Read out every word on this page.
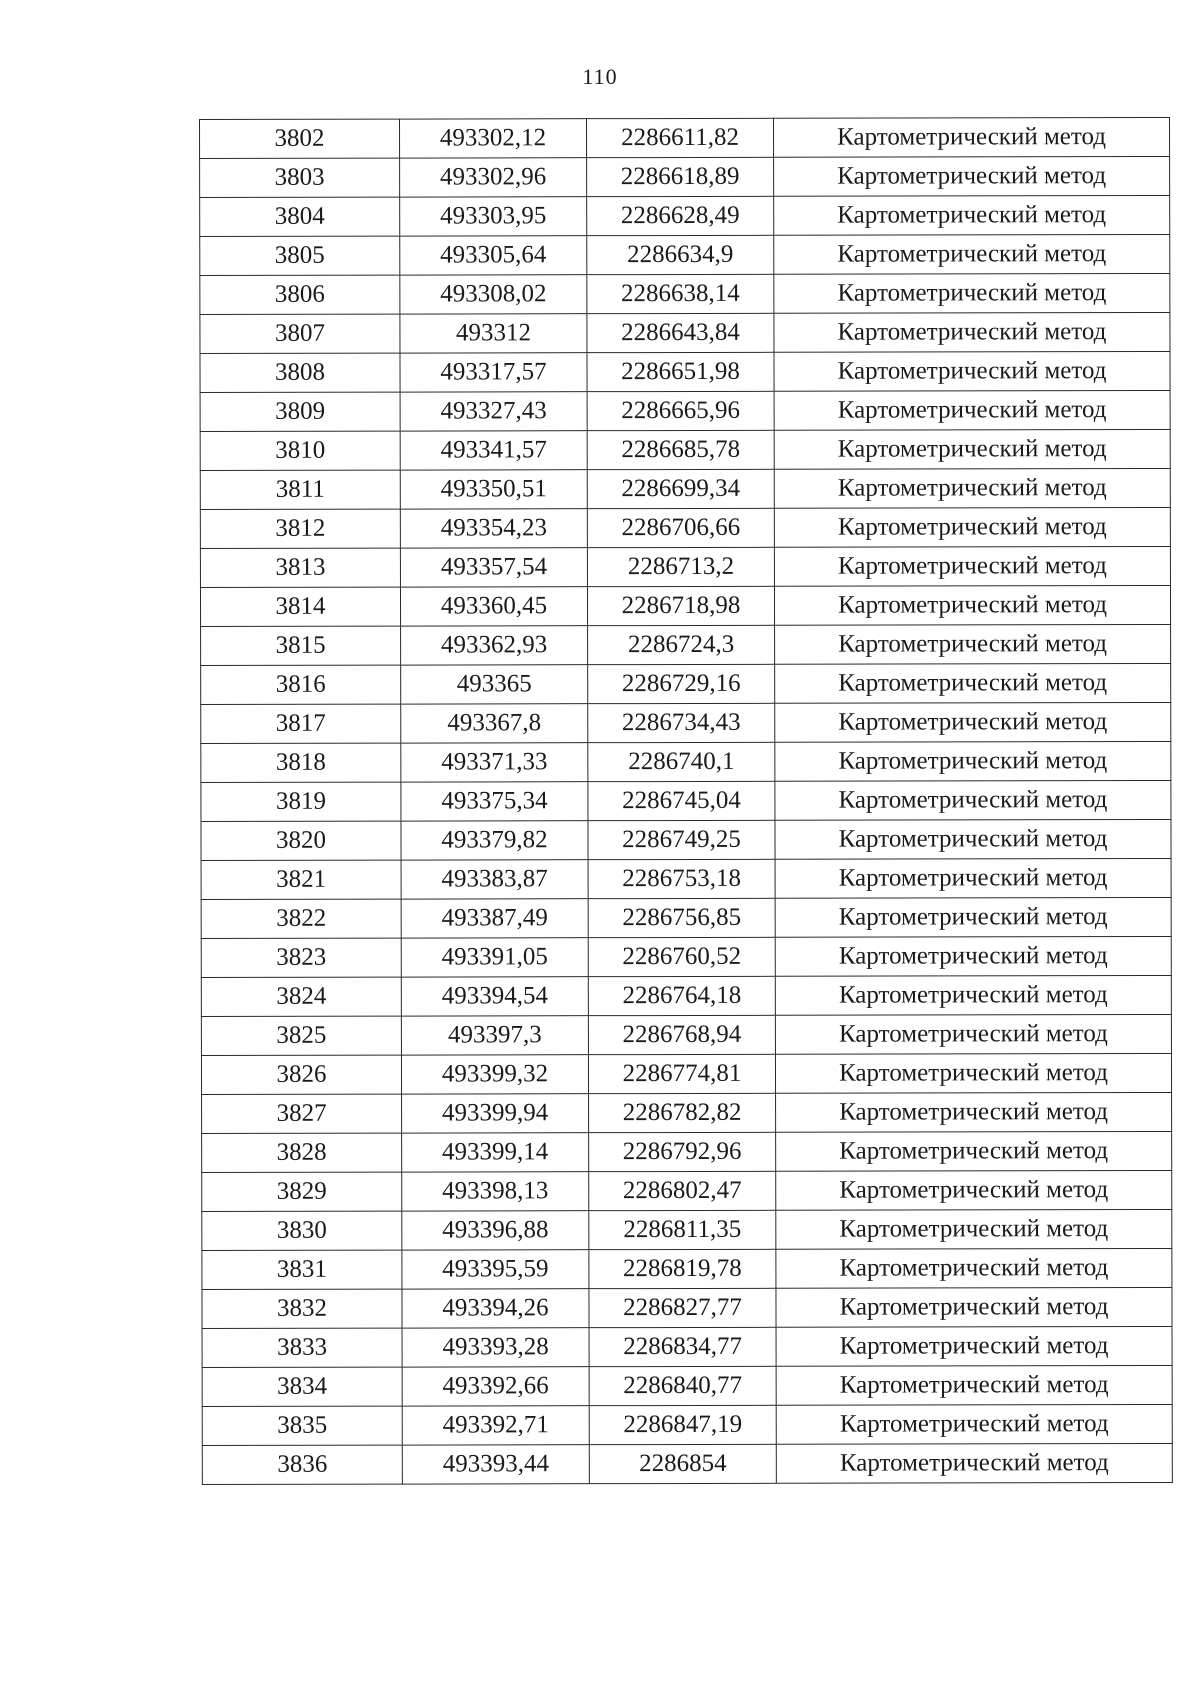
110
3802	493302,12	2286611,82	Картометрический метод
3803	493302,96	2286618,89	Картометрический метод
3804	493303,95	2286628,49	Картометрический метод
3805	493305,64	2286634,9	Картометрический метод
3806	493308,02	2286638,14	Картометрический метод
3807	493312	2286643,84	Картометрический метод
3808	493317,57	2286651,98	Картометрический метод
3809	493327,43	2286665,96	Картометрический метод
3810	493341,57	2286685,78	Картометрический метод
3811	493350,51	2286699,34	Картометрический метод
3812	493354,23	2286706,66	Картометрический метод
3813	493357,54	2286713,2	Картометрический метод
3814	493360,45	2286718,98	Картометрический метод
3815	493362,93	2286724,3	Картометрический метод
3816	493365	2286729,16	Картометрический метод
3817	493367,8	2286734,43	Картометрический метод
3818	493371,33	2286740,1	Картометрический метод
3819	493375,34	2286745,04	Картометрический метод
3820	493379,82	2286749,25	Картометрический метод
3821	493383,87	2286753,18	Картометрический метод
3822	493387,49	2286756,85	Картометрический метод
3823	493391,05	2286760,52	Картометрический метод
3824	493394,54	2286764,18	Картометрический метод
3825	493397,3	2286768,94	Картометрический метод
3826	493399,32	2286774,81	Картометрический метод
3827	493399,94	2286782,82	Картометрический метод
3828	493399,14	2286792,96	Картометрический метод
3829	493398,13	2286802,47	Картометрический метод
3830	493396,88	2286811,35	Картометрический метод
3831	493395,59	2286819,78	Картометрический метод
3832	493394,26	2286827,77	Картометрический метод
3833	493393,28	2286834,77	Картометрический метод
3834	493392,66	2286840,77	Картометрический метод
3835	493392,71	2286847,19	Картометрический метод
3836	493393,44	2286854	Картометрический метод
